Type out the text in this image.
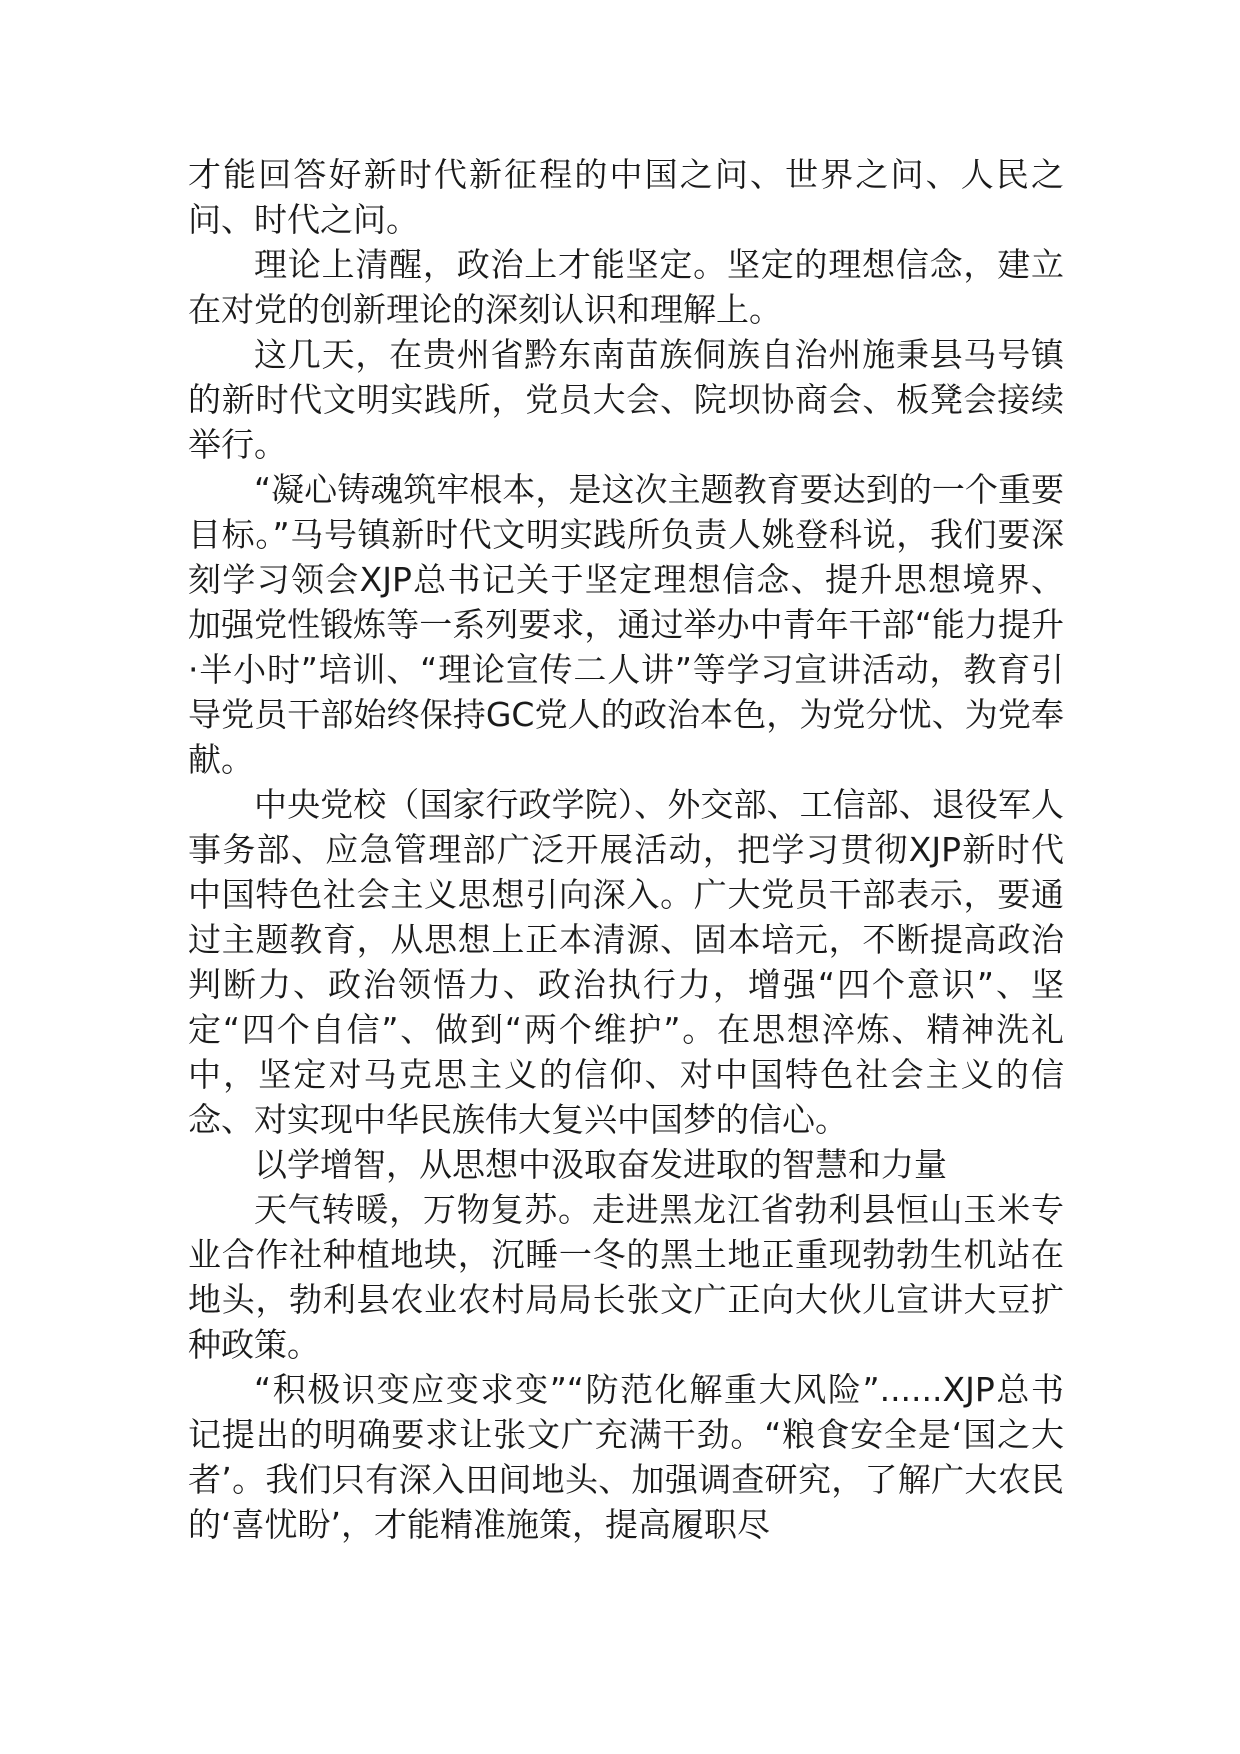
才能回答好新时代新征程的中国之问、世界之问、人民之问、时代之问。

理论上清醒，政治上才能坚定。坚定的理想信念，建立在对党的创新理论的深刻认识和理解上。

这几天，在贵州省黔东南苗族侗族自治州施秉县马号镇的新时代文明实践所，党员大会、院坝协商会、板凳会接续举行。

“凝心铸魂筑牢根本，是这次主题教育要达到的一个重要目标。”马号镇新时代文明实践所负责人姚登科说，我们要深刻学习领会XJP总书记关于坚定理想信念、提升思想境界、加强党性锻炼等一系列要求，通过举办中青年干部“能力提升·半小时”培训、“理论宣传二人讲”等学习宣讲活动，教育引导党员干部始终保持GC党人的政治本色，为党分忧、为党奉献。

中央党校（国家行政学院）、外交部、工信部、退役军人事务部、应急管理部广泛开展活动，把学习贯彻XJP新时代中国特色社会主义思想引向深入。广大党员干部表示，要通过主题教育，从思想上正本清源、固本培元，不断提高政治判断力、政治领悟力、政治执行力，增强“四个意识”、坚定“四个自信”、做到“两个维护”。在思想淬炼、精神洗礼中，坚定对马克思主义的信仰、对中国特色社会主义的信念、对实现中华民族伟大复兴中国梦的信心。

以学增智，从思想中汲取奋发进取的智慧和力量

天气转暖，万物复苏。走进黑龙江省勃利县恒山玉米专业合作社种植地块，沉睡一冬的黑土地正重现勃勃生机站在地头，勃利县农业农村局局长张文广正向大伙儿宣讲大豆扩种政策。

“积极识变应变求变”“防范化解重大风险”......XJP总书记提出的明确要求让张文广充满干劲。“粮食安全是‘国之大者’。我们只有深入田间地头、加强调查研究，了解广大农民的‘喜忧盼’，才能精准施策，提高履职尽
